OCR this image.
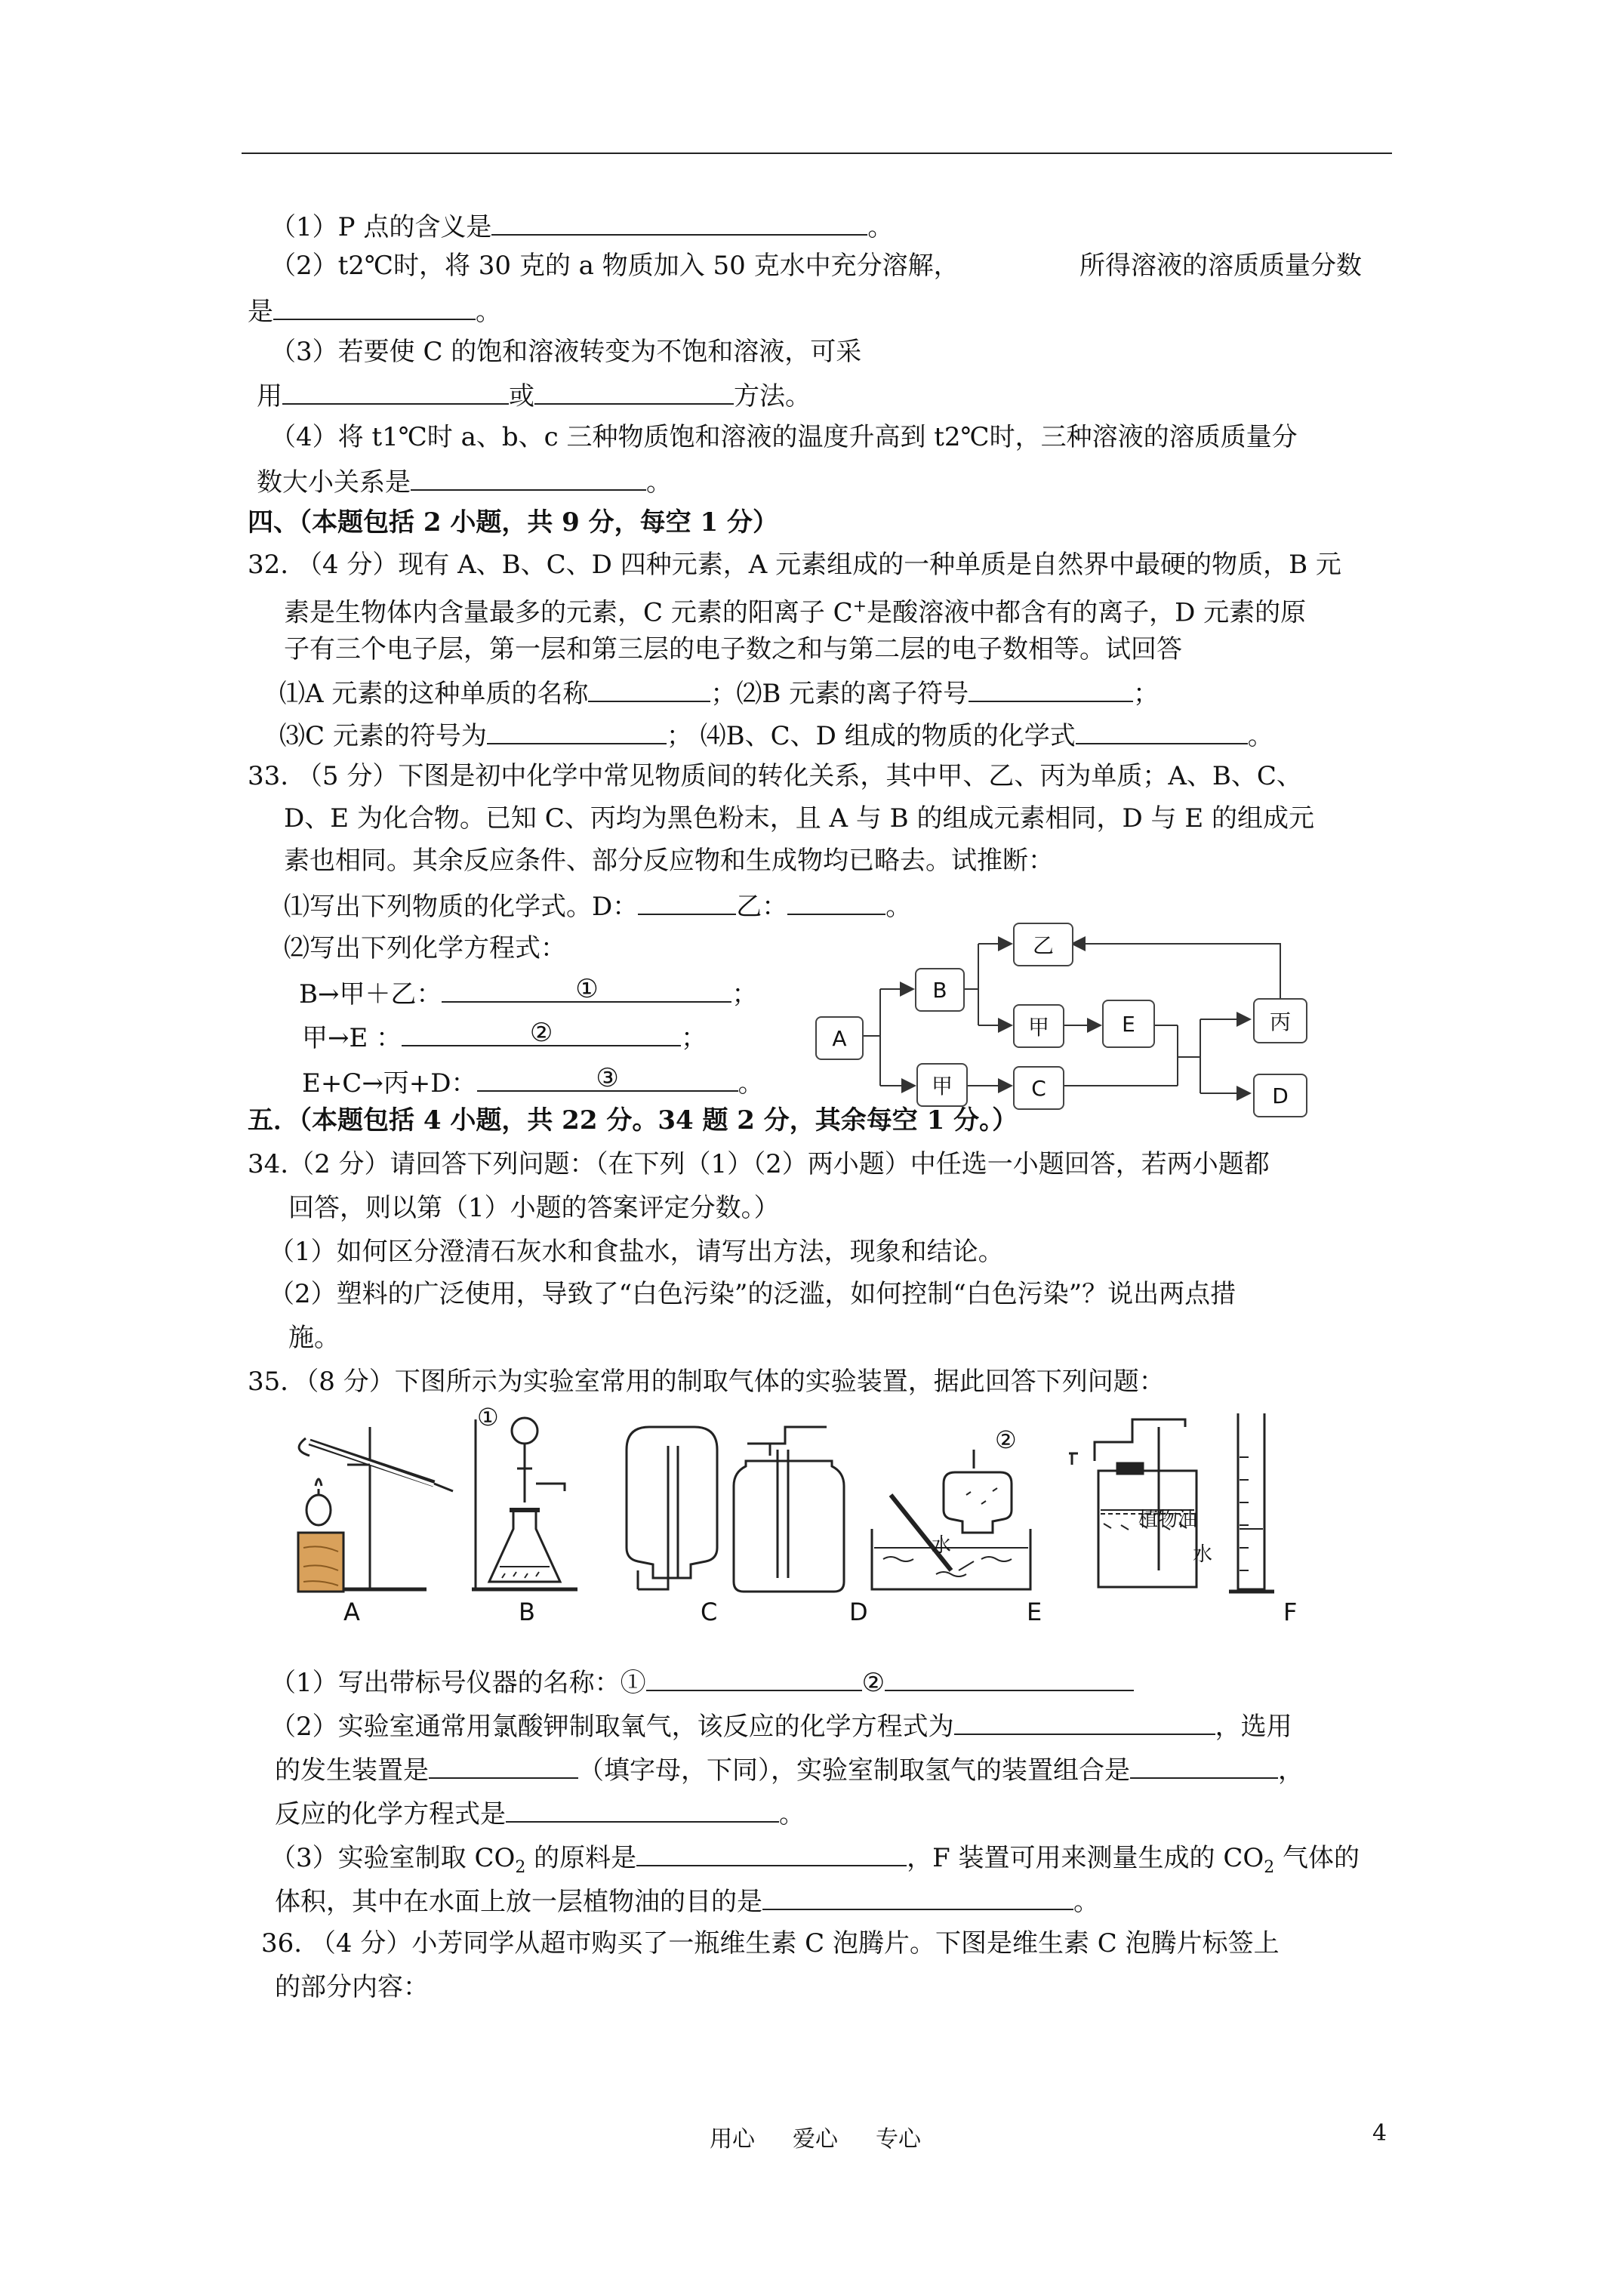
（1）P 点的含义是	。
（2）t2℃时，将 30 克的 a 物质加入 50 克水中充分溶解，	所得溶液的溶质质量分数
是	。
（3）若要使 C 的饱和溶液转变为不饱和溶液，可采
用	或	方法。
（4）将 t1℃时 a、b、c 三种物质饱和溶液的温度升高到 t2℃时，三种溶液的溶质质量分
数大小关系是	。
四、（本题包括 2 小题，共 9 分，每空 1 分）
32. （4 分）现有 A、B、C、D 四种元素，A 元素组成的一种单质是自然界中最硬的物质，B 元
素是生物体内含量最多的元素，C 元素的阳离子 C+是酸溶液中都含有的离子，D 元素的原
子有三个电子层，第一层和第三层的电子数之和与第二层的电子数相等。试回答
⑴A 元素的这种单质的名称	；⑵B 元素的离子符号	；
⑶C 元素的符号为	； ⑷B、C、D 组成的物质的化学式	。
33. （5 分）下图是初中化学中常见物质间的转化关系，其中甲、乙、丙为单质；A、B、C、
D、E 为化合物。已知 C、丙均为黑色粉末，且 A 与 B 的组成元素相同，D 与 E 的组成元
素也相同。其余反应条件、部分反应物和生成物均已略去。试推断：
⑴写出下列物质的化学式。D：	乙：	。
⑵写出下列化学方程式：
B→甲＋乙：	①	；
甲→E ：	②	；
E+C→丙+D：	③	。
A
B
乙
甲	E	丙
甲	C	D
五．（本题包括 4 小题，共 22 分。34 题 2 分，其余每空 1 分。）
34.（2 分）请回答下列问题：（在下列（1）（2）两小题）中任选一小题回答，若两小题都
回答，则以第（1）小题的答案评定分数。）
（1）如何区分澄清石灰水和食盐水，请写出方法，现象和结论。
（2）塑料的广泛使用，导致了“白色污染”的泛滥，如何控制“白色污染”？说出两点措
施。
35．（8 分）下图所示为实验室常用的制取气体的实验装置，据此回答下列问题：
①
②
水
植物油
水
A	B	C	D	E	F
（1）写出带标号仪器的名称：①	②
（2）实验室通常用氯酸钾制取氧气，该反应的化学方程式为	，选用
的发生装置是	（填字母，下同），实验室制取氢气的装置组合是	，
反应的化学方程式是	。
（3）实验室制取 $CO_2$ 的原料是	，F 装置可用来测量生成的 $CO_2$ 气体的
体积，其中在水面上放一层植物油的目的是	。
36. （4 分）小芳同学从超市购买了一瓶维生素 C 泡腾片。下图是维生素 C 泡腾片标签上
的部分内容：
用心 爱心 专心	4
